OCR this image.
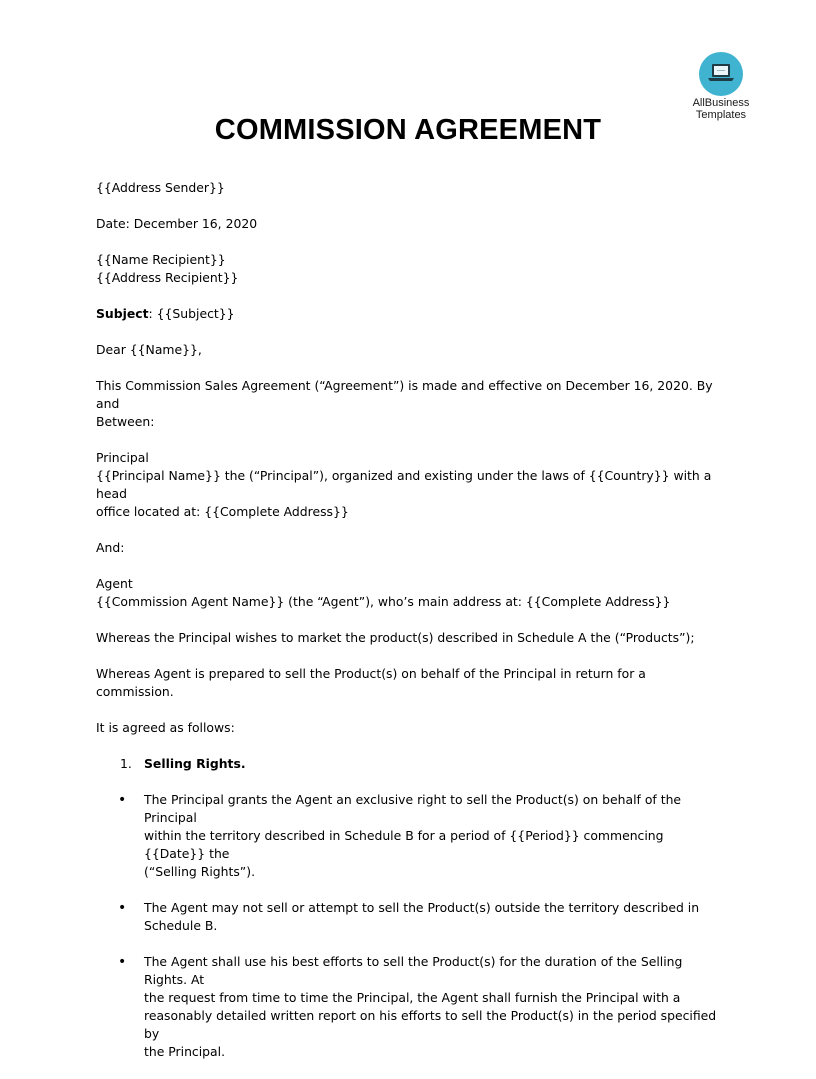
AllBusiness
Templates
COMMISSION AGREEMENT

{{Address Sender}}

Date: December 16, 2020

{{Name Recipient}}
{{Address Recipient}}

Subject: {{Subject}}

Dear {{Name}},

This Commission Sales Agreement (“Agreement”) is made and effective on December 16, 2020. By and
Between:

Principal
{{Principal Name}} the (“Principal”), organized and existing under the laws of {{Country}} with a head
office located at: {{Complete Address}}

And:

Agent
{{Commission Agent Name}} (the “Agent”), who’s main address at: {{Complete Address}}

Whereas the Principal wishes to market the product(s) described in Schedule A the (“Products”);

Whereas Agent is prepared to sell the Product(s) on behalf of the Principal in return for a commission.

It is agreed as follows:

1. Selling Rights.
•	The Principal grants the Agent an exclusive right to sell the Product(s) on behalf of the Principal
within the territory described in Schedule B for a period of {{Period}} commencing {{Date}} the
(“Selling Rights”).
•	The Agent may not sell or attempt to sell the Product(s) outside the territory described in
Schedule B.
•	The Agent shall use his best efforts to sell the Product(s) for the duration of the Selling Rights. At
the request from time to time the Principal, the Agent shall furnish the Principal with a
reasonably detailed written report on his efforts to sell the Product(s) in the period specified by
the Principal.
